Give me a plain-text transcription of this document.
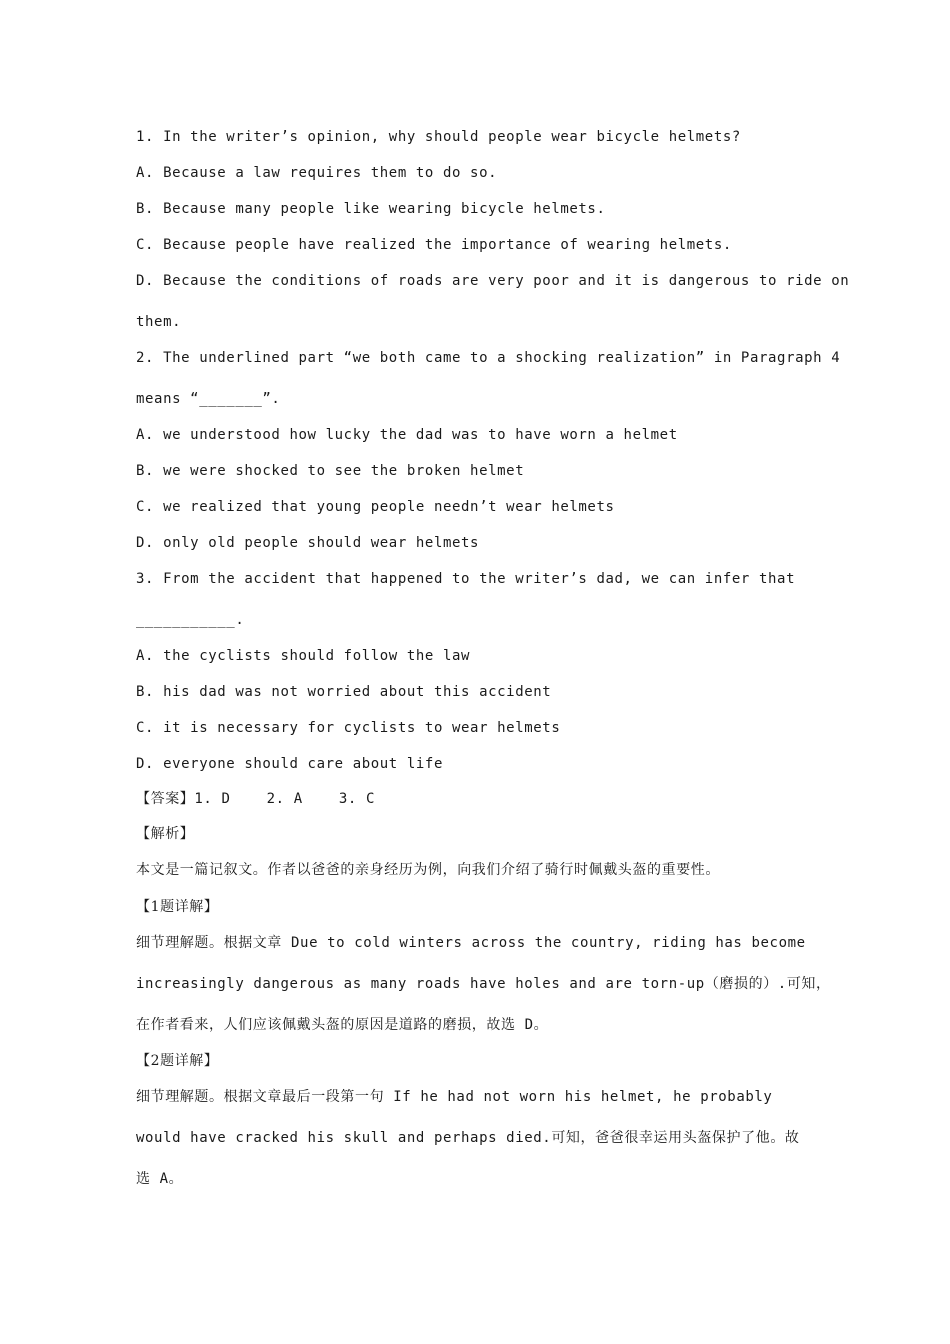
1. In the writer’s opinion, why should people wear bicycle helmets?
A. Because a law requires them to do so.
B. Because many people like wearing bicycle helmets.
C. Because people have realized the importance of wearing helmets.
D. Because the conditions of roads are very poor and it is dangerous to ride on
them.
2. The underlined part “we both came to a shocking realization” in Paragraph 4
means “_______”.
A. we understood how lucky the dad was to have worn a helmet
B. we were shocked to see the broken helmet
C. we realized that young people needn’t wear helmets
D. only old people should wear helmets
3. From the accident that happened to the writer’s dad, we can infer that
___________.
A. the cyclists should follow the law
B. his dad was not worried about this accident
C. it is necessary for cyclists to wear helmets
D. everyone should care about life
【答案】1. D    2. A    3. C
【解析】
本文是一篇记叙文。作者以爸爸的亲身经历为例，向我们介绍了骑行时佩戴头盔的重要性。
【1题详解】
细节理解题。根据文章 Due to cold winters across the country, riding has become
increasingly dangerous as many roads have holes and are torn-up（磨损的）.可知，
在作者看来，人们应该佩戴头盔的原因是道路的磨损，故选 D。
【2题详解】
细节理解题。根据文章最后一段第一句 If he had not worn his helmet, he probably
would have cracked his skull and perhaps died.可知，爸爸很幸运用头盔保护了他。故
选 A。
